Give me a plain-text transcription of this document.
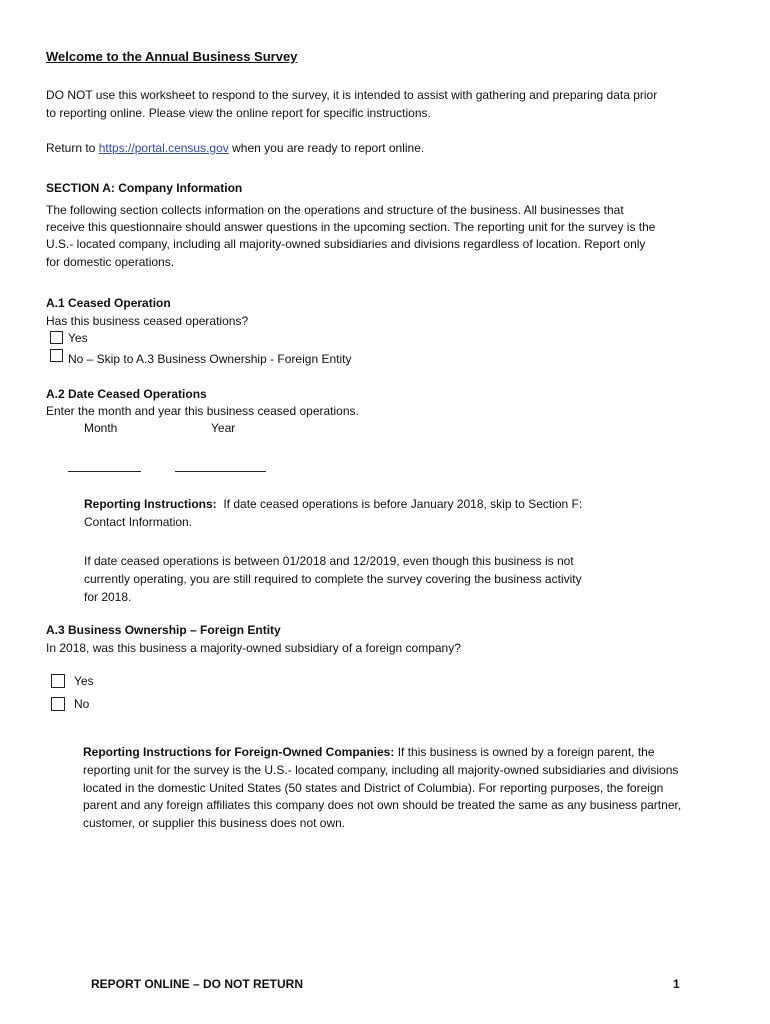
Welcome to the Annual Business Survey
DO NOT use this worksheet to respond to the survey, it is intended to assist with gathering and preparing data prior
to reporting online. Please view the online report for specific instructions.
Return to https://portal.census.gov when you are ready to report online.
SECTION A: Company Information
The following section collects information on the operations and structure of the business. All businesses that
receive this questionnaire should answer questions in the upcoming section. The reporting unit for the survey is the
U.S.- located company, including all majority-owned subsidiaries and divisions regardless of location. Report only
for domestic operations.
A.1 Ceased Operation
Has this business ceased operations?
Yes
No – Skip to A.3 Business Ownership - Foreign Entity
A.2 Date Ceased Operations
Enter the month and year this business ceased operations.
Month	Year
Reporting Instructions: If date ceased operations is before January 2018, skip to Section F:
Contact Information.
If date ceased operations is between 01/2018 and 12/2019, even though this business is not
currently operating, you are still required to complete the survey covering the business activity
for 2018.
A.3 Business Ownership – Foreign Entity
In 2018, was this business a majority-owned subsidiary of a foreign company?
Yes
No
Reporting Instructions for Foreign-Owned Companies: If this business is owned by a foreign parent, the
reporting unit for the survey is the U.S.- located company, including all majority-owned subsidiaries and divisions
located in the domestic United States (50 states and District of Columbia). For reporting purposes, the foreign
parent and any foreign affiliates this company does not own should be treated the same as any business partner,
customer, or supplier this business does not own.
REPORT ONLINE – DO NOT RETURN	1
